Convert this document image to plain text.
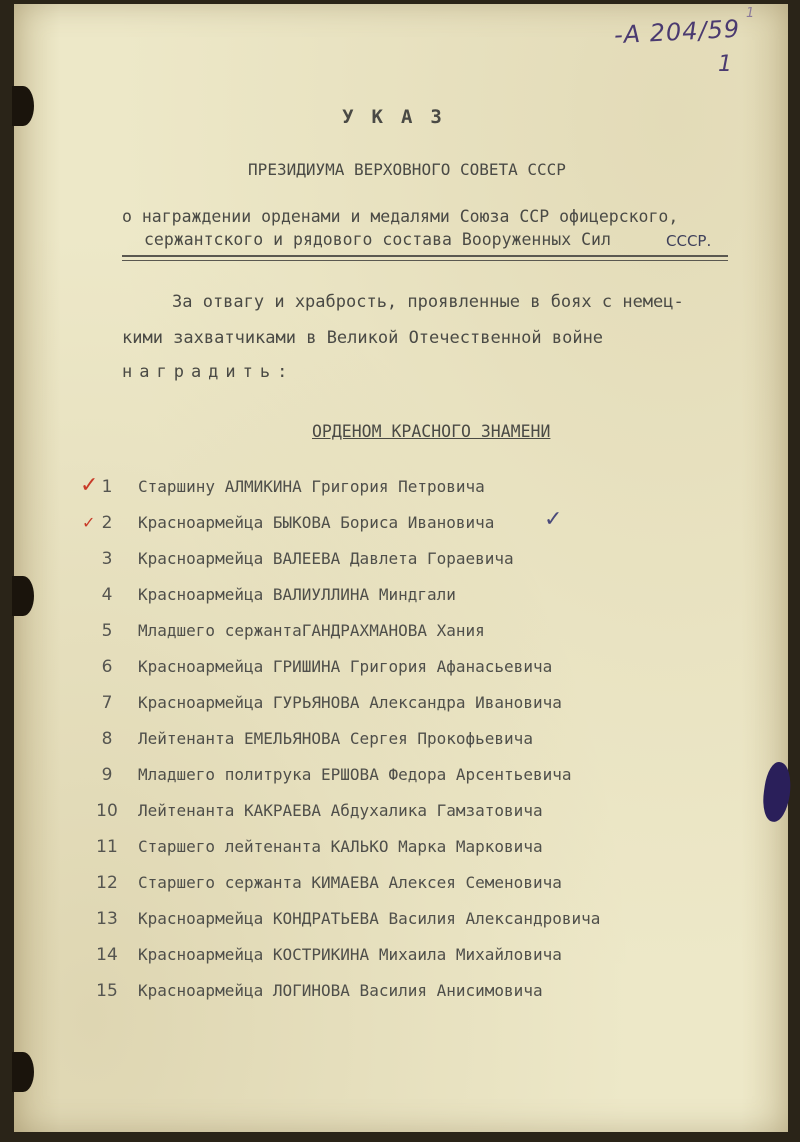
1
-A 204/59
1
УКАЗ
ПРЕЗИДИУМА ВЕРХОВНОГО СОВЕТА СССР
о награждении орденами и медалями Союза ССР офицерского,
сержантского и рядового состава Вооруженных Сил	СССР.
За отвагу и храбрость, проявленные в боях с немец-
кими захватчиками в Великой Отечественной войне
наградить:
ОРДЕНОМ КРАСНОГО ЗНАМЕНИ
✓ 1	Старшину АЛМИКИНА Григория Петровича
✓ 2	Красноармейца БЫКОВА Бориса Ивановича ✓
3	Красноармейца ВАЛЕЕВА Давлета Гораевича
4	Красноармейца ВАЛИУЛЛИНА Миндгали
5	Младшего сержантаГАНДРАХМАНОВА Хания
6	Красноармейца ГРИШИНА Григория Афанасьевича
7	Красноармейца ГУРЬЯНОВА Александра Ивановича
8	Лейтенанта ЕМЕЛЬЯНОВА Сергея Прокофьевича
9	Младшего политрука ЕРШОВА Федора Арсентьевича
10	Лейтенанта КАКРАЕВА Абдухалика Гамзатовича
11	Старшего лейтенанта КАЛЬКО Марка Марковича
12	Старшего сержанта КИМАЕВА Алексея Семеновича
13	Красноармейца КОНДРАТЬЕВА Василия Александровича
14	Красноармейца КОСТРИКИНА Михаила Михайловича
15	Красноармейца ЛОГИНОВА Василия Анисимовича
